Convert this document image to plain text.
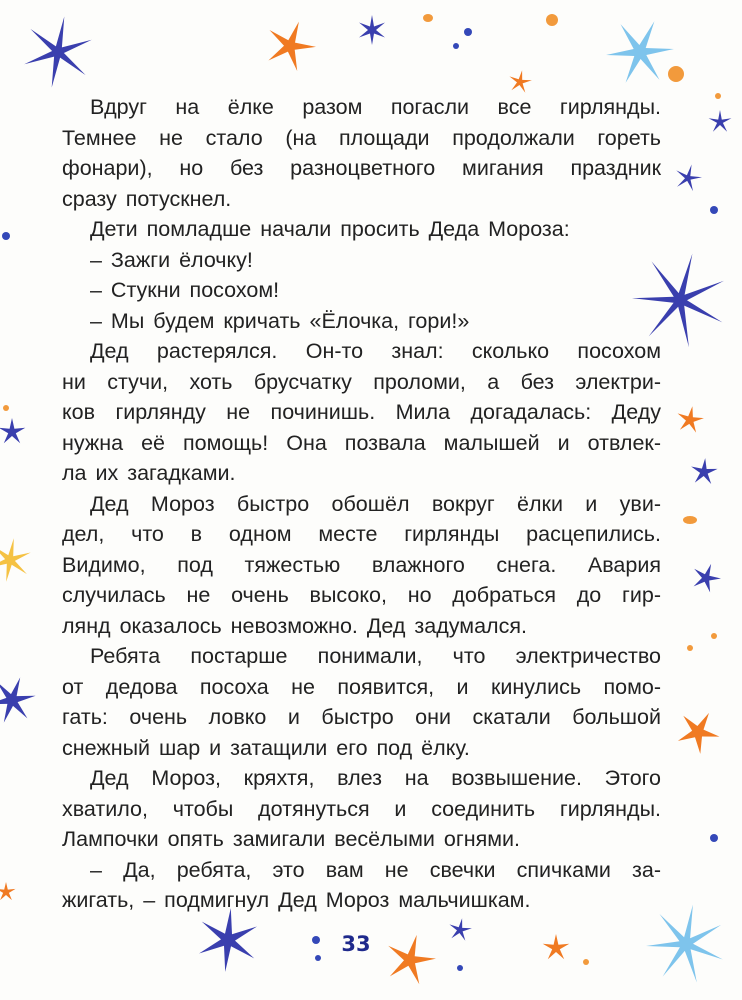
Вдруг на ёлке разом погасли все гирлянды.
Темнее не стало (на площади продолжали гореть
фонари), но без разноцветного мигания праздник
сразу потускнел.
Дети помладше начали просить Деда Мороза:
– Зажги ёлочку!
– Стукни посохом!
– Мы будем кричать «Ёлочка, гори!»
Дед растерялся. Он-то знал: сколько посохом
ни стучи, хоть брусчатку проломи, а без электри-
ков гирлянду не починишь. Мила догадалась: Деду
нужна её помощь! Она позвала малышей и отвлек-
ла их загадками.
Дед Мороз быстро обошёл вокруг ёлки и уви-
дел, что в одном месте гирлянды расцепились.
Видимо, под тяжестью влажного снега. Авария
случилась не очень высоко, но добраться до гир-
лянд оказалось невозможно. Дед задумался.
Ребята постарше понимали, что электричество
от дедова посоха не появится, и кинулись помо-
гать: очень ловко и быстро они скатали большой
снежный шар и затащили его под ёлку.
Дед Мороз, кряхтя, влез на возвышение. Этого
хватило, чтобы дотянуться и соединить гирлянды.
Лампочки опять замигали весёлыми огнями.
– Да, ребята, это вам не свечки спичками за-
жигать, – подмигнул Дед Мороз мальчишкам.
33
